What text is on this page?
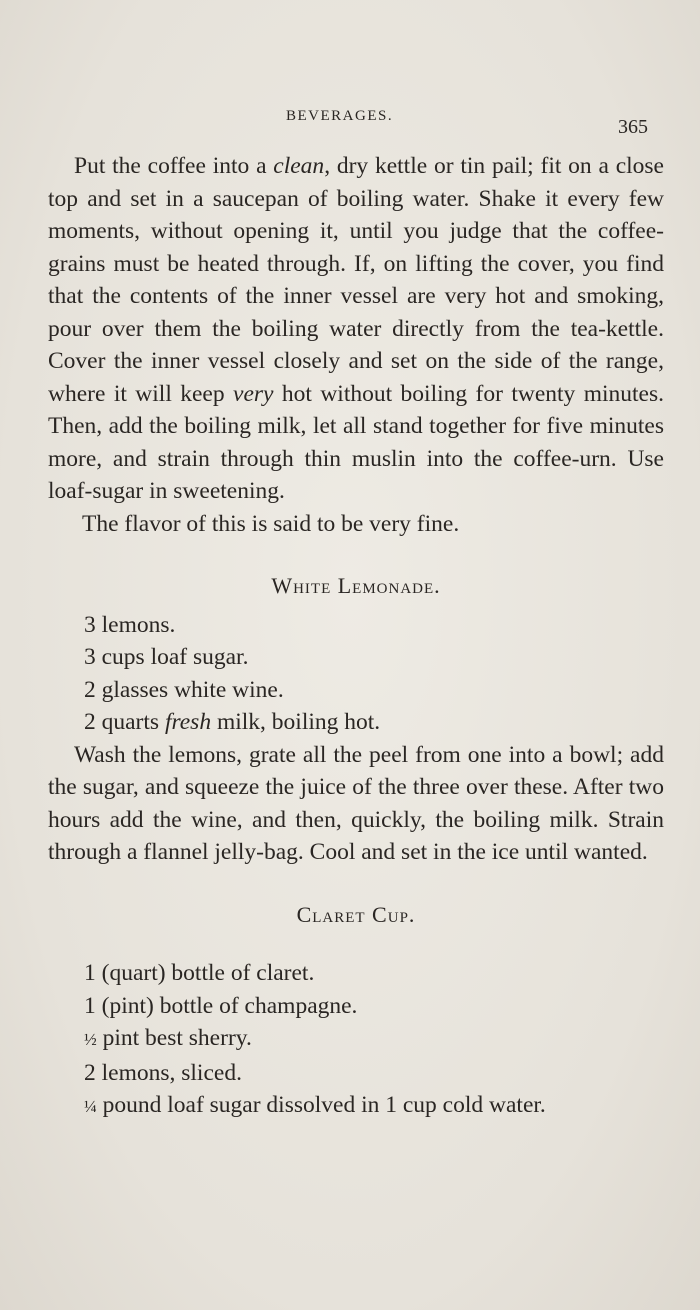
BEVERAGES.	365

Put the coffee into a clean, dry kettle or tin pail; fit on a close top and set in a saucepan of boiling water. Shake it every few moments, without opening it, until you judge that the coffee-grains must be heated through. If, on lifting the cover, you find that the contents of the inner vessel are very hot and smoking, pour over them the boiling water directly from the tea-kettle. Cover the inner vessel closely and set on the side of the range, where it will keep very hot without boiling for twenty minutes. Then, add the boiling milk, let all stand together for five minutes more, and strain through thin muslin into the coffee-urn. Use loaf-sugar in sweetening.

The flavor of this is said to be very fine.

White Lemonade.

3 lemons.

3 cups loaf sugar.

2 glasses white wine.

2 quarts fresh milk, boiling hot.

Wash the lemons, grate all the peel from one into a bowl; add the sugar, and squeeze the juice of the three over these. After two hours add the wine, and then, quickly, the boiling milk. Strain through a flannel jelly-bag. Cool and set in the ice until wanted.

Claret Cup.

1 (quart) bottle of claret.

1 (pint) bottle of champagne.

½ pint best sherry.

2 lemons, sliced.

¼ pound loaf sugar dissolved in 1 cup cold water.
